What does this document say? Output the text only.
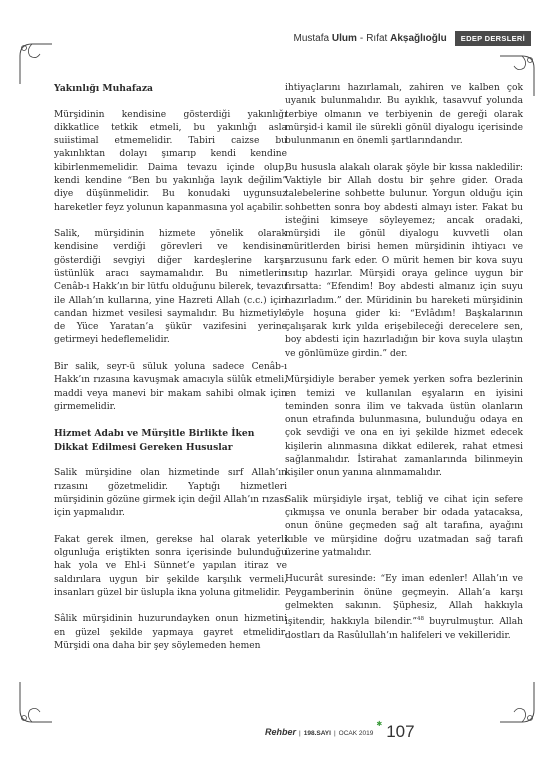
Mustafa
Ulum - Rıfat
Akṣağlıoğlu	EDEP DERSLERİ
Yakınlığı Muhafaza

Mürşidinin kendisine gösterdiği yakınlığı dikkatlice tetkik etmeli, bu yakınlığı asla suiistimal etmemelidir. Tabiri caizse bu yakınlıktan dolayı şımarıp kendi kendine kibirlenmemelidir. Daima tevazu içinde olup, kendi kendine “Ben bu yakınlığa layık değilim” diye düşünmelidir. Bu konudaki uygunsuz hareketler feyz yolunun kapanmasına yol açabilir.

Salik, mürşidinin hizmete yönelik olarak kendisine verdiği görevleri ve kendisine gösterdiği sevgiyi diğer kardeşlerine karşı üstünlük aracı saymamalıdır. Bu nimetlerin Cenâb-ı Hakk’ın bir lütfu olduğunu bilerek, tevazu ile Allah’ın kullarına, yine Hazreti Allah (c.c.) için candan hizmet vesilesi saymalıdır. Bu hizmetiyle de Yüce Yaratan’a şükür vazifesini yerine getirmeyi hedeflemelidir.

Bir salik, seyr-ü süluk yoluna sadece Cenâb-ı Hakk’ın rızasına kavuşmak amacıyla sülûk etmeli, maddi veya manevi bir makam sahibi olmak için girmemelidir.

Hizmet Adabı ve Mürşitle Birlikte İken Dikkat Edilmesi Gereken Hususlar

Salik mürşidine olan hizmetinde sırf Allah’ın rızasını gözetmelidir. Yaptığı hizmetleri mürşidinin gözüne girmek için değil Allah’ın rızası için yapmalıdır.

Fakat gerek ilmen, gerekse hal olarak yeterli olgunluğa eriştikten sonra içerisinde bulunduğu hak yola ve Ehl-i Sünnet’e yapılan itiraz ve saldırılara uygun bir şekilde karşılık vermeli, insanları güzel bir üslupla ikna yoluna gitmelidir.

Sâlik mürşidinin huzurundayken onun hizmetini en güzel şekilde yapmaya gayret etmelidir. Mürşidi ona daha bir şey söylemeden hemen

ihtiyaçlarını hazırlamalı, zahiren ve kalben çok uyanık bulunmalıdır. Bu ayıklık, tasavvuf yolunda terbiye olmanın ve terbiyenin de gereği olarak mürşid-i kamil ile sürekli gönül diyalogu içerisinde bulunmanın en önemli şartlarındandır.

Bu hususla alakalı olarak şöyle bir kıssa nakledilir: Vaktiyle bir Allah dostu bir şehre gider. Orada talebelerine sohbette bulunur. Yorgun olduğu için sohbetten sonra boy abdesti almayı ister. Fakat bu isteğini kimseye söyleyemez; ancak oradaki, mürşidi ile gönül diyalogu kuvvetli olan müritlerden birisi hemen mürşidinin ihtiyacı ve arzusunu fark eder. O mürit hemen bir kova suyu ısıtıp hazırlar. Mürşidi oraya gelince uygun bir fırsatta: “Efendim! Boy abdesti almanız için suyu hazırladım.” der. Müridinin bu hareketi mürşidinin öyle hoşuna gider ki: “Evlâdım! Başkalarının çalışarak kırk yılda erişebileceği derecelere sen, boy abdesti için hazırladığın bir kova suyla ulaştın ve gönlümüze girdin.” der.

Mürşidiyle beraber yemek yerken sofra bezlerinin en temizi ve kullanılan eşyaların en iyisini teminden sonra ilim ve takvada üstün olanların onun etrafında bulunmasına, bulunduğu odaya en çok sevdiği ve ona en iyi şekilde hizmet edecek kişilerin alınmasına dikkat edilerek, rahat etmesi sağlanmalıdır. İstirahat zamanlarında bilinmeyin kişiler onun yanına alınmamalıdır.

Salik mürşidiyle irşat, tebliğ ve cihat için sefere çıkmışsa ve onunla beraber bir odada yatacaksa, onun önüne geçmeden sağ alt tarafına, ayağını kıble ve mürşidine doğru uzatmadan sağ tarafı üzerine yatmalıdır.

Hucurât suresinde: “Ey iman edenler! Allah’ın ve Peygamberinin önüne geçmeyin. Allah’a karşı gelmekten sakının. Şüphesiz, Allah hakkıyla işitendir, hakkıyla bilendir.”$^{48}$ buyrulmuştur. Allah dostları da Rasûlullah’ın halifeleri ve vekilleridir.

Rehber | 198.SAYI | OCAK 2019
✱ 107
